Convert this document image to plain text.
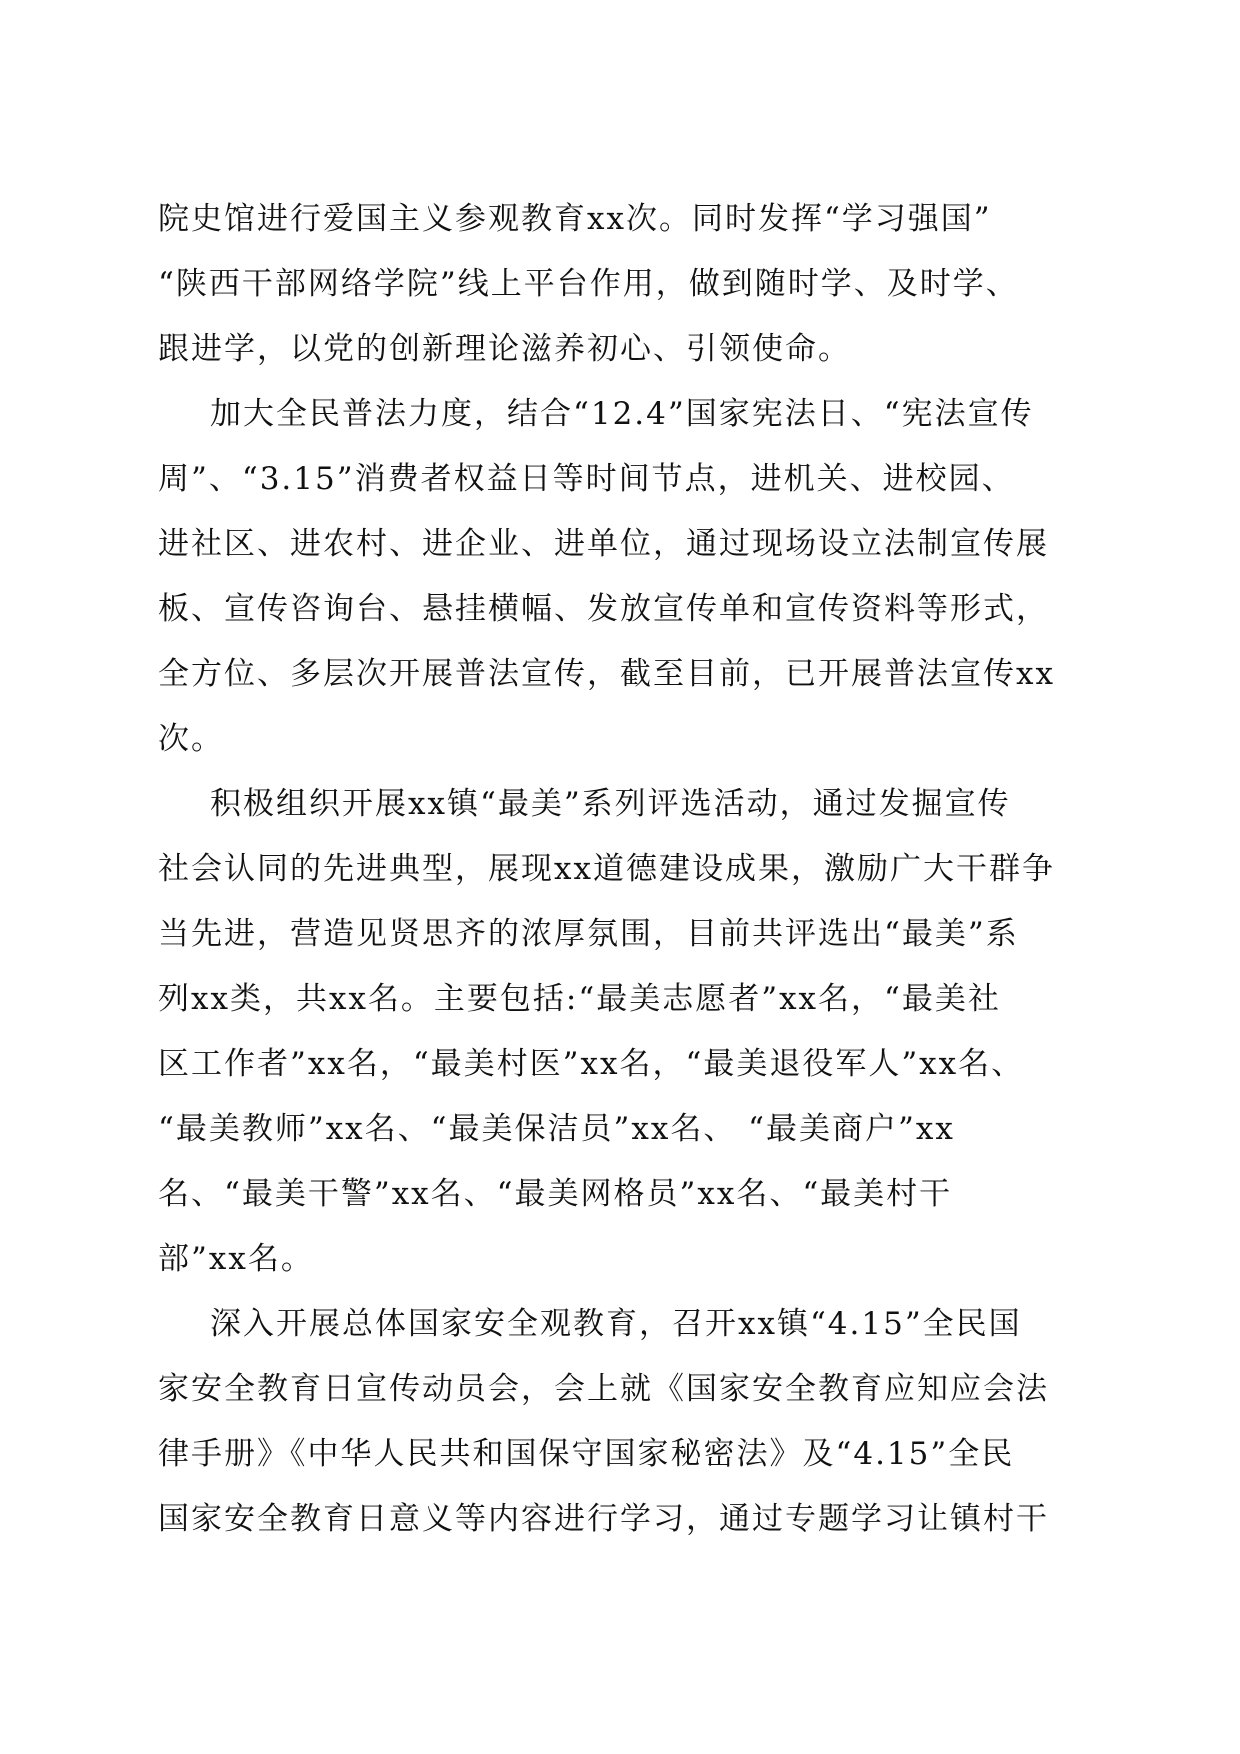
院史馆进行爱国主义参观教育xx次。同时发挥“学习强国”
“陕西干部网络学院”线上平台作用，做到随时学、及时学、
跟进学，以党的创新理论滋养初心、引领使命。
加大全民普法力度，结合“12.4”国家宪法日、“宪法宣传
周”、“3.15”消费者权益日等时间节点，进机关、进校园、
进社区、进农村、进企业、进单位，通过现场设立法制宣传展
板、宣传咨询台、悬挂横幅、发放宣传单和宣传资料等形式，
全方位、多层次开展普法宣传，截至目前，已开展普法宣传xx
次。
积极组织开展xx镇“最美”系列评选活动，通过发掘宣传
社会认同的先进典型，展现xx道德建设成果，激励广大干群争
当先进，营造见贤思齐的浓厚氛围，目前共评选出“最美”系
列xx类，共xx名。主要包括:“最美志愿者”xx名，“最美社
区工作者”xx名，“最美村医”xx名，“最美退役军人”xx名、
“最美教师”xx名、“最美保洁员”xx名、 “最美商户”xx
名、“最美干警”xx名、“最美网格员”xx名、“最美村干
部”xx名。
深入开展总体国家安全观教育，召开xx镇“4.15”全民国
家安全教育日宣传动员会，会上就《国家安全教育应知应会法
律手册》《中华人民共和国保守国家秘密法》及“4.15”全民
国家安全教育日意义等内容进行学习，通过专题学习让镇村干
